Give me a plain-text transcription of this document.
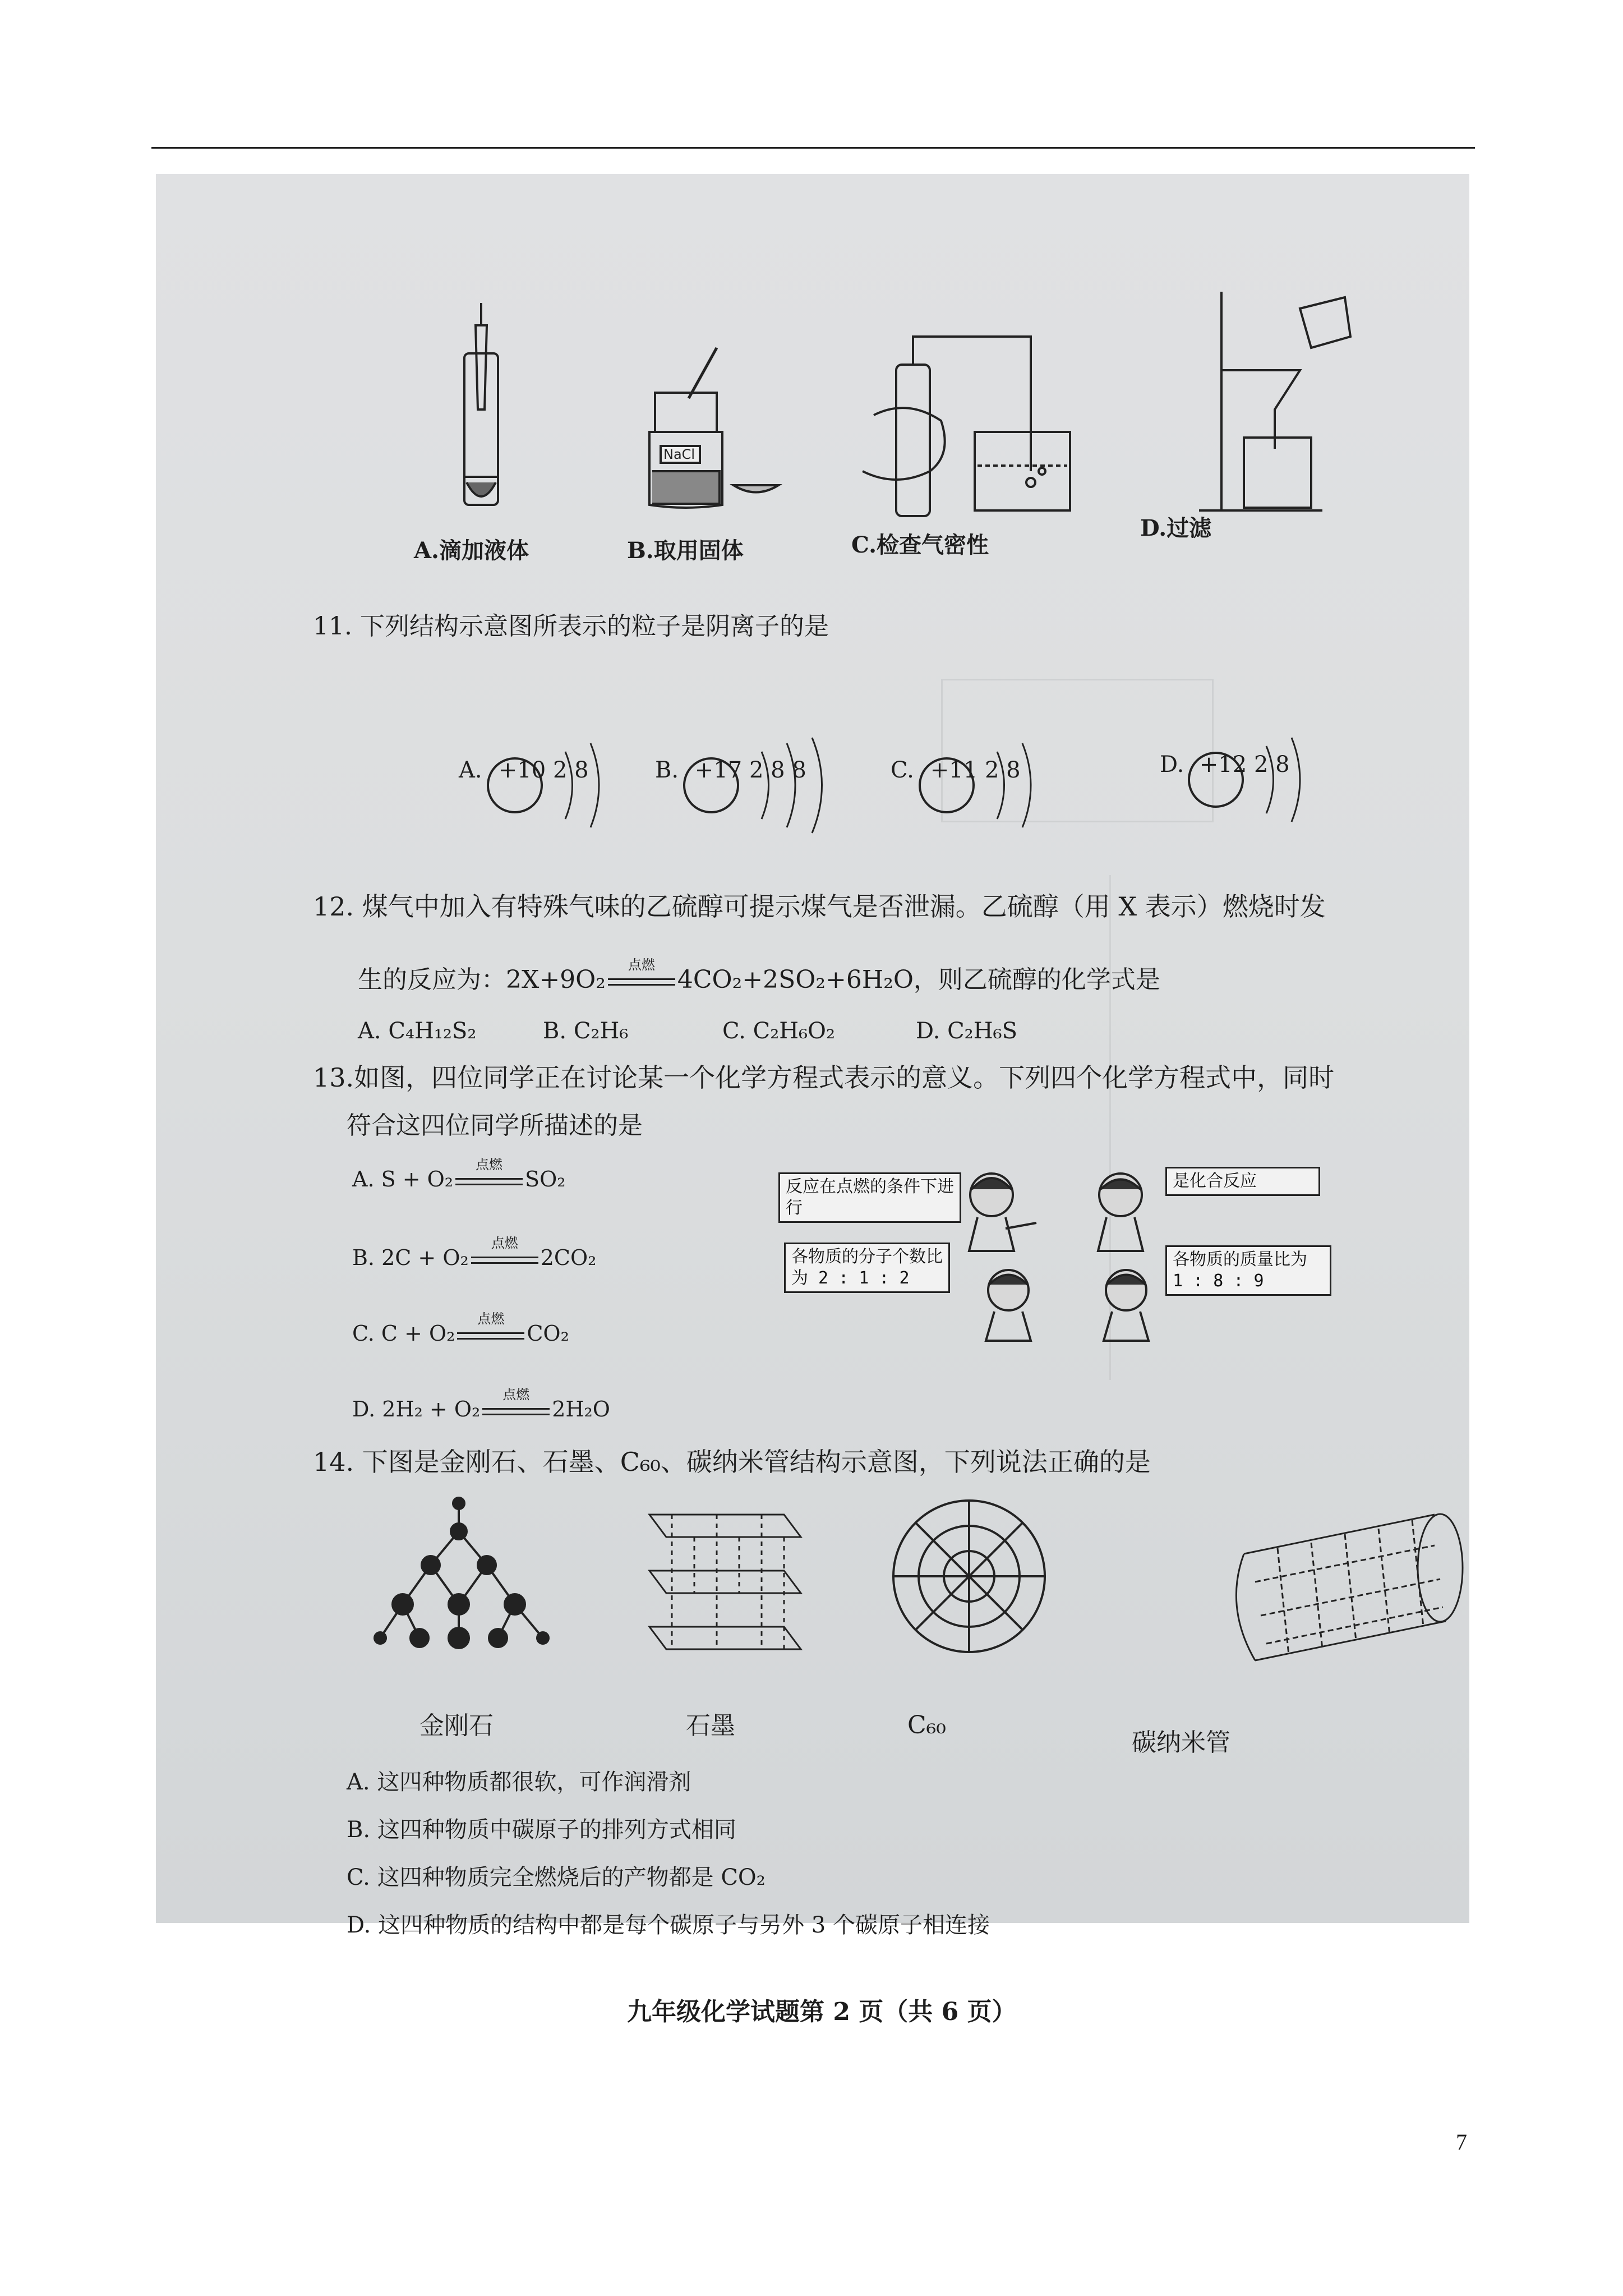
NaCl
A.滴加液体	B.取用固体	C.检查气密性
D.过滤
11. 下列结构示意图所表示的粒子是阴离子的是
A. +10 2 8	B. +17 2 8 8	C. +11 2 8	D. +12 2 8
12. 煤气中加入有特殊气味的乙硫醇可提示煤气是否泄漏。乙硫醇（用 X 表示）燃烧时发
生的反应为：2X+9O₂
点燃
4CO₂+2SO₂+6H₂O，则乙硫醇的化学式是
A. C₄H₁₂S₂	B. C₂H₆	C. C₂H₆O₂	D. C₂H₆S
13.如图，四位同学正在讨论某一个化学方程式表示的意义。下列四个化学方程式中，同时
符合这四位同学所描述的是
A. S + O₂
点燃
SO₂
B. 2C + O₂
点燃
2CO₂
C. C + O₂
点燃
CO₂
D. 2H₂ + O₂
点燃
2H₂O
反应在点燃的条件下进行
是化合反应
各物质的分子个数比为 2 : 1 : 2
各物质的质量比为 1 : 8 : 9
14. 下图是金刚石、石墨、C₆₀、碳纳米管结构示意图，下列说法正确的是
金刚石	石墨	C₆₀
碳纳米管
A. 这四种物质都很软，可作润滑剂
B. 这四种物质中碳原子的排列方式相同
C. 这四种物质完全燃烧后的产物都是 CO₂
D. 这四种物质的结构中都是每个碳原子与另外 3 个碳原子相连接
九年级化学试题第 2 页（共 6 页）
7
